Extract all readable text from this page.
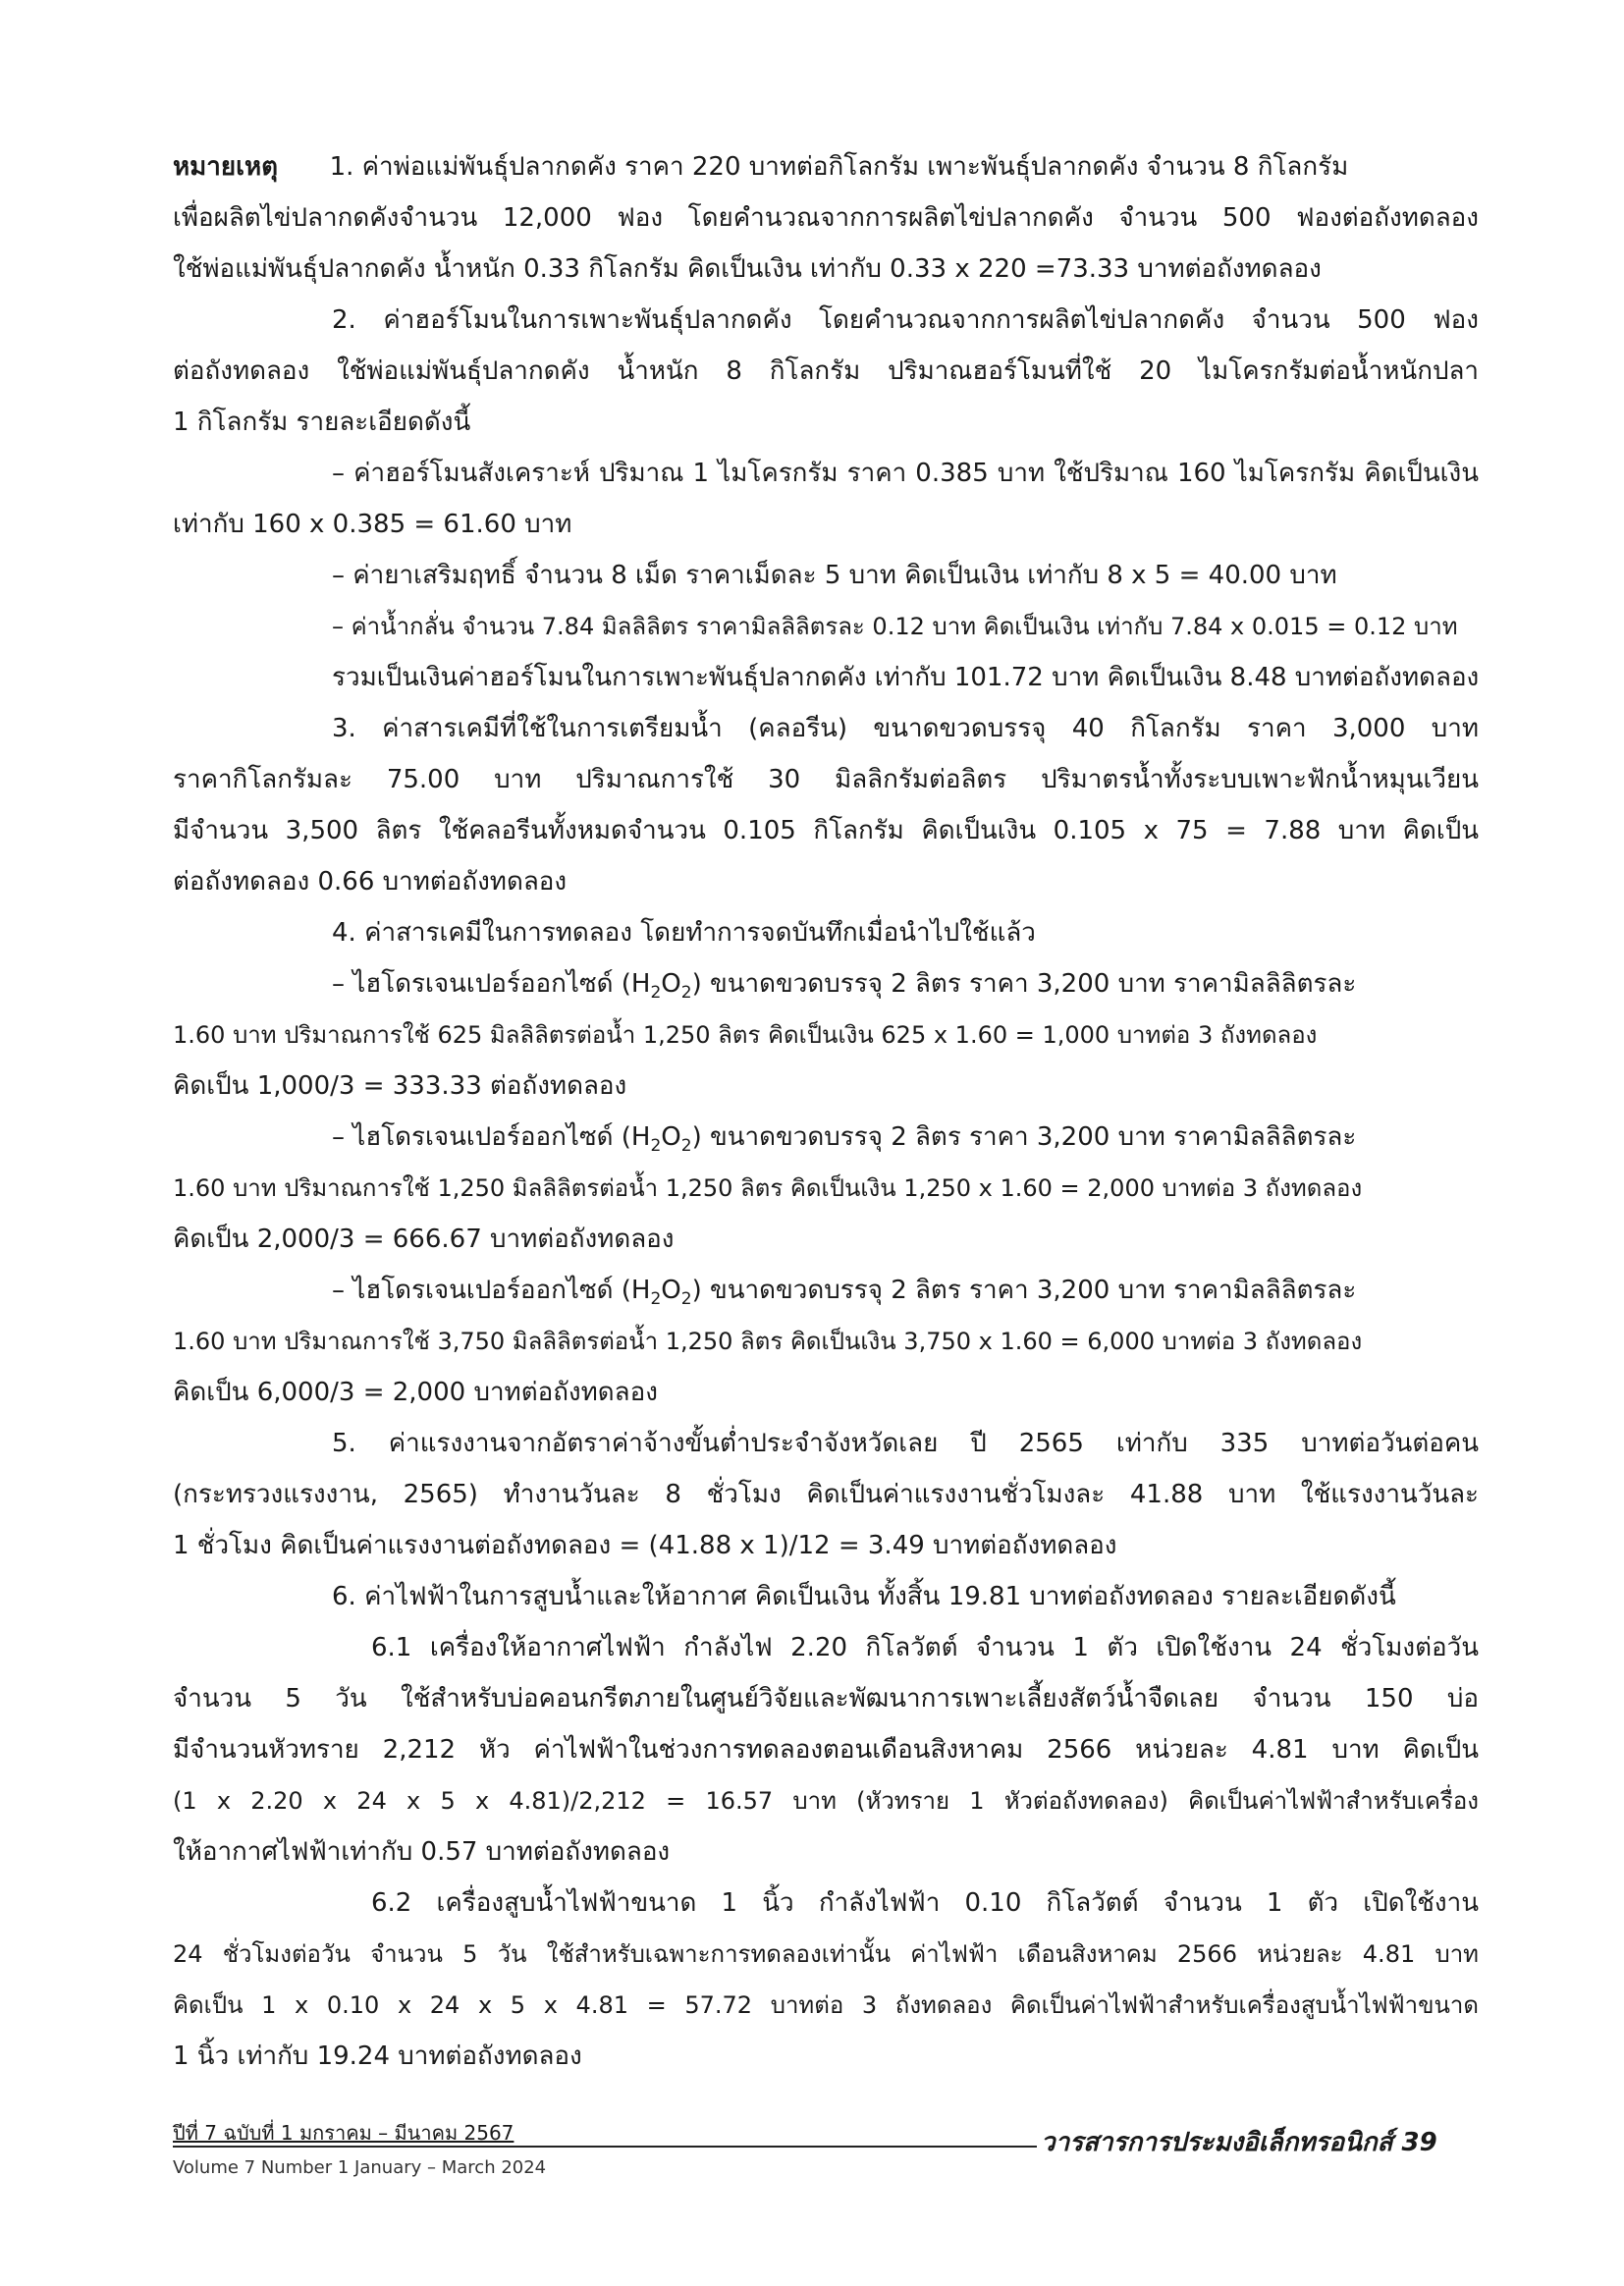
หมายเหตุ 1. ค่าพ่อแม่พันธุ์ปลากดคัง ราคา 220 บาทต่อกิโลกรัม เพาะพันธุ์ปลากดคัง จำนวน 8 กิโลกรัม
เพื่อผลิตไข่ปลากดคังจำนวน 12,000 ฟอง โดยคำนวณจากการผลิตไข่ปลากดคัง จำนวน 500 ฟองต่อถังทดลอง
ใช้พ่อแม่พันธุ์ปลากดคัง น้ำหนัก 0.33 กิโลกรัม คิดเป็นเงิน เท่ากับ 0.33 x 220 =73.33 บาทต่อถังทดลอง
2. ค่าฮอร์โมนในการเพาะพันธุ์ปลากดคัง โดยคำนวณจากการผลิตไข่ปลากดคัง จำนวน 500 ฟอง
ต่อถังทดลอง ใช้พ่อแม่พันธุ์ปลากดคัง น้ำหนัก 8 กิโลกรัม ปริมาณฮอร์โมนที่ใช้ 20 ไมโครกรัมต่อน้ำหนักปลา
1 กิโลกรัม รายละเอียดดังนี้
– ค่าฮอร์โมนสังเคราะห์ ปริมาณ 1 ไมโครกรัม ราคา 0.385 บาท ใช้ปริมาณ 160 ไมโครกรัม คิดเป็นเงิน
เท่ากับ 160 x 0.385 = 61.60 บาท
– ค่ายาเสริมฤทธิ์ จำนวน 8 เม็ด ราคาเม็ดละ 5 บาท คิดเป็นเงิน เท่ากับ 8 x 5 = 40.00 บาท
– ค่าน้ำกลั่น จำนวน 7.84 มิลลิลิตร ราคามิลลิลิตรละ 0.12 บาท คิดเป็นเงิน เท่ากับ 7.84 x 0.015 = 0.12 บาท
รวมเป็นเงินค่าฮอร์โมนในการเพาะพันธุ์ปลากดคัง เท่ากับ 101.72 บาท คิดเป็นเงิน 8.48 บาทต่อถังทดลอง
3. ค่าสารเคมีที่ใช้ในการเตรียมน้ำ (คลอรีน) ขนาดขวดบรรจุ 40 กิโลกรัม ราคา 3,000 บาท
ราคากิโลกรัมละ 75.00 บาท ปริมาณการใช้ 30 มิลลิกรัมต่อลิตร ปริมาตรน้ำทั้งระบบเพาะฟักน้ำหมุนเวียน
มีจำนวน 3,500 ลิตร ใช้คลอรีนทั้งหมดจำนวน 0.105 กิโลกรัม คิดเป็นเงิน 0.105 x 75 = 7.88 บาท คิดเป็น
ต่อถังทดลอง 0.66 บาทต่อถังทดลอง
4. ค่าสารเคมีในการทดลอง โดยทำการจดบันทึกเมื่อนำไปใช้แล้ว
– ไฮโดรเจนเปอร์ออกไซด์ $(H_2O_2)$ ขนาดขวดบรรจุ 2 ลิตร ราคา 3,200 บาท ราคามิลลิลิตรละ
1.60 บาท ปริมาณการใช้ 625 มิลลิลิตรต่อน้ำ 1,250 ลิตร คิดเป็นเงิน 625 x 1.60 = 1,000 บาทต่อ 3 ถังทดลอง
คิดเป็น 1,000/3 = 333.33 ต่อถังทดลอง
– ไฮโดรเจนเปอร์ออกไซด์ $(H_2O_2)$ ขนาดขวดบรรจุ 2 ลิตร ราคา 3,200 บาท ราคามิลลิลิตรละ
1.60 บาท ปริมาณการใช้ 1,250 มิลลิลิตรต่อน้ำ 1,250 ลิตร คิดเป็นเงิน 1,250 x 1.60 = 2,000 บาทต่อ 3 ถังทดลอง
คิดเป็น 2,000/3 = 666.67 บาทต่อถังทดลอง
– ไฮโดรเจนเปอร์ออกไซด์ $(H_2O_2)$ ขนาดขวดบรรจุ 2 ลิตร ราคา 3,200 บาท ราคามิลลิลิตรละ
1.60 บาท ปริมาณการใช้ 3,750 มิลลิลิตรต่อน้ำ 1,250 ลิตร คิดเป็นเงิน 3,750 x 1.60 = 6,000 บาทต่อ 3 ถังทดลอง
คิดเป็น 6,000/3 = 2,000 บาทต่อถังทดลอง
5. ค่าแรงงานจากอัตราค่าจ้างขั้นต่ำประจำจังหวัดเลย ปี 2565 เท่ากับ 335 บาทต่อวันต่อคน
(กระทรวงแรงงาน, 2565) ทำงานวันละ 8 ชั่วโมง คิดเป็นค่าแรงงานชั่วโมงละ 41.88 บาท ใช้แรงงานวันละ
1 ชั่วโมง คิดเป็นค่าแรงงานต่อถังทดลอง = (41.88 x 1)/12 = 3.49 บาทต่อถังทดลอง
6. ค่าไฟฟ้าในการสูบน้ำและให้อากาศ คิดเป็นเงิน ทั้งสิ้น 19.81 บาทต่อถังทดลอง รายละเอียดดังนี้
6.1 เครื่องให้อากาศไฟฟ้า กำลังไฟ 2.20 กิโลวัตต์ จำนวน 1 ตัว เปิดใช้งาน 24 ชั่วโมงต่อวัน
จำนวน 5 วัน ใช้สำหรับบ่อคอนกรีตภายในศูนย์วิจัยและพัฒนาการเพาะเลี้ยงสัตว์น้ำจืดเลย จำนวน 150 บ่อ
มีจำนวนหัวทราย 2,212 หัว ค่าไฟฟ้าในช่วงการทดลองตอนเดือนสิงหาคม 2566 หน่วยละ 4.81 บาท คิดเป็น
(1 x 2.20 x 24 x 5 x 4.81)/2,212 = 16.57 บาท (หัวทราย 1 หัวต่อถังทดลอง) คิดเป็นค่าไฟฟ้าสำหรับเครื่อง
ให้อากาศไฟฟ้าเท่ากับ 0.57 บาทต่อถังทดลอง
6.2 เครื่องสูบน้ำไฟฟ้าขนาด 1 นิ้ว กำลังไฟฟ้า 0.10 กิโลวัตต์ จำนวน 1 ตัว เปิดใช้งาน
24 ชั่วโมงต่อวัน จำนวน 5 วัน ใช้สำหรับเฉพาะการทดลองเท่านั้น ค่าไฟฟ้า เดือนสิงหาคม 2566 หน่วยละ 4.81 บาท
คิดเป็น 1 x 0.10 x 24 x 5 x 4.81 = 57.72 บาทต่อ 3 ถังทดลอง คิดเป็นค่าไฟฟ้าสำหรับเครื่องสูบน้ำไฟฟ้าขนาด
1 นิ้ว เท่ากับ 19.24 บาทต่อถังทดลอง
ปีที่ 7 ฉบับที่ 1 มกราคม – มีนาคม 2567
Volume 7 Number 1 January – March 2024
วารสารการประมงอิเล็กทรอนิกส์ 39
